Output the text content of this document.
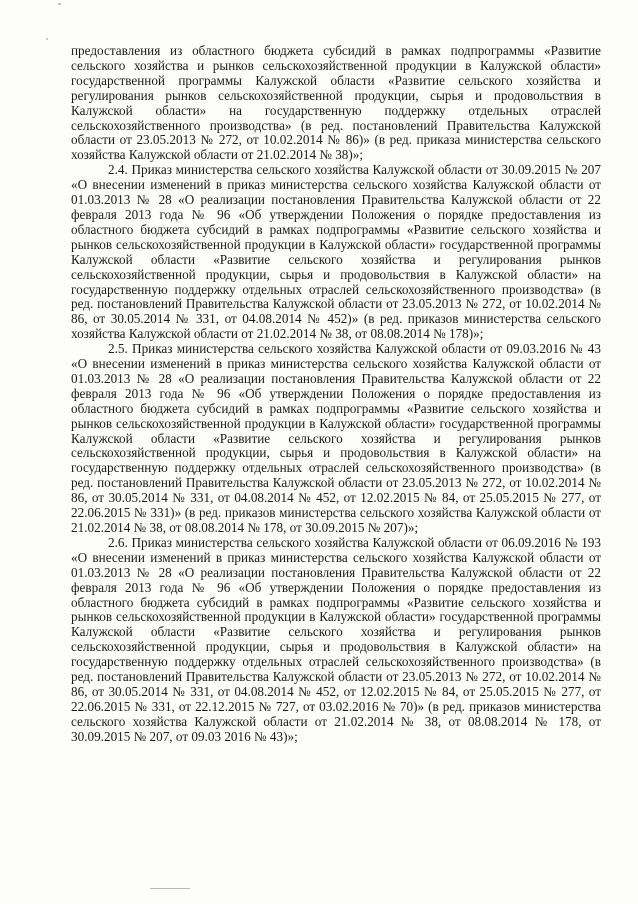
предоставления из областного бюджета субсидий в рамках подпрограммы «Развитие сельского хозяйства и рынков сельскохозяйственной продукции в Калужской области» государственной программы Калужской области «Развитие сельского хозяйства и регулирования рынков сельскохозяйственной продукции, сырья и продовольствия в Калужской области» на государственную поддержку отдельных отраслей сельскохозяйственного производства» (в ред. постановлений Правительства Калужской области от 23.05.2013 № 272, от 10.02.2014 № 86)» (в ред. приказа министерства сельского хозяйства Калужской области от 21.02.2014 № 38)»;

2.4. Приказ министерства сельского хозяйства Калужской области от 30.09.2015 № 207 «О внесении изменений в приказ министерства сельского хозяйства Калужской области от 01.03.2013 № 28 «О реализации постановления Правительства Калужской области от 22 февраля 2013 года № 96 «Об утверждении Положения о порядке предоставления из областного бюджета субсидий в рамках подпрограммы «Развитие сельского хозяйства и рынков сельскохозяйственной продукции в Калужской области» государственной программы Калужской области «Развитие сельского хозяйства и регулирования рынков сельскохозяйственной продукции, сырья и продовольствия в Калужской области» на государственную поддержку отдельных отраслей сельскохозяйственного производства» (в ред. постановлений Правительства Калужской области от 23.05.2013 № 272, от 10.02.2014 № 86, от 30.05.2014 № 331, от 04.08.2014 № 452)» (в ред. приказов министерства сельского хозяйства Калужской области от 21.02.2014 № 38, от 08.08.2014 № 178)»;

2.5. Приказ министерства сельского хозяйства Калужской области от 09.03.2016 № 43 «О внесении изменений в приказ министерства сельского хозяйства Калужской области от 01.03.2013 № 28 «О реализации постановления Правительства Калужской области от 22 февраля 2013 года № 96 «Об утверждении Положения о порядке предоставления из областного бюджета субсидий в рамках подпрограммы «Развитие сельского хозяйства и рынков сельскохозяйственной продукции в Калужской области» государственной программы Калужской области «Развитие сельского хозяйства и регулирования рынков сельскохозяйственной продукции, сырья и продовольствия в Калужской области» на государственную поддержку отдельных отраслей сельскохозяйственного производства» (в ред. постановлений Правительства Калужской области от 23.05.2013 № 272, от 10.02.2014 № 86, от 30.05.2014 № 331, от 04.08.2014 № 452, от 12.02.2015 № 84, от 25.05.2015 № 277, от 22.06.2015 № 331)» (в ред. приказов министерства сельского хозяйства Калужской области от 21.02.2014 № 38, от 08.08.2014 № 178, от 30.09.2015 № 207)»;

2.6. Приказ министерства сельского хозяйства Калужской области от 06.09.2016 № 193 «О внесении изменений в приказ министерства сельского хозяйства Калужской области от 01.03.2013 № 28 «О реализации постановления Правительства Калужской области от 22 февраля 2013 года № 96 «Об утверждении Положения о порядке предоставления из областного бюджета субсидий в рамках подпрограммы «Развитие сельского хозяйства и рынков сельскохозяйственной продукции в Калужской области» государственной программы Калужской области «Развитие сельского хозяйства и регулирования рынков сельскохозяйственной продукции, сырья и продовольствия в Калужской области» на государственную поддержку отдельных отраслей сельскохозяйственного производства» (в ред. постановлений Правительства Калужской области от 23.05.2013 № 272, от 10.02.2014 № 86, от 30.05.2014 № 331, от 04.08.2014 № 452, от 12.02.2015 № 84, от 25.05.2015 № 277, от 22.06.2015 № 331, от 22.12.2015 № 727, от 03.02.2016 № 70)» (в ред. приказов министерства сельского хозяйства Калужской области от 21.02.2014 № 38, от 08.08.2014 № 178, от 30.09.2015 № 207, от 09.03 2016 № 43)»;
